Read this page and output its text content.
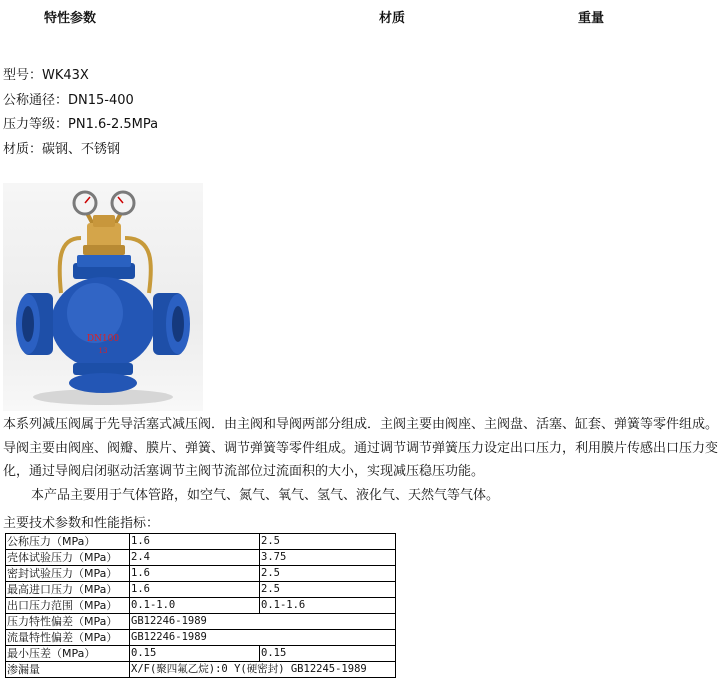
特性参数	材质	重量
型号：WK43X
公称通径：DN15-400
压力等级：PN1.6-2.5MPa
材质：碳钢、不锈钢
DN100
13

本系列减压阀属于先导活塞式减压阀．由主阀和导阀两部分组成．主阀主要由阀座、主阀盘、活塞、缸套、弹簧等零件组成。导阀主要由阀座、阀瓣、膜片、弹簧、调节弹簧等零件组成。通过调节调节弹簧压力设定出口压力，利用膜片传感出口压力变化，通过导阀启闭驱动活塞调节主阀节流部位过流面积的大小，实现减压稳压功能。

本产品主要用于气体管路，如空气、氮气、氧气、氢气、液化气、天然气等气体。

主要技术参数和性能指标：
公称压力（MPa）	1.6	2.5
壳体试验压力（MPa）	2.4	3.75
密封试验压力（MPa）	1.6	2.5
最高进口压力（MPa）	1.6	2.5
出口压力范围（MPa）	0.1-1.0	0.1-1.6
压力特性偏差（MPa）	GB12246-1989	
流量特性偏差（MPa）	GB12246-1989	
最小压差（MPa）	0.15	0.15
渗漏量	X/F(聚四氟乙烷):0 Y(硬密封) GB12245-1989	
